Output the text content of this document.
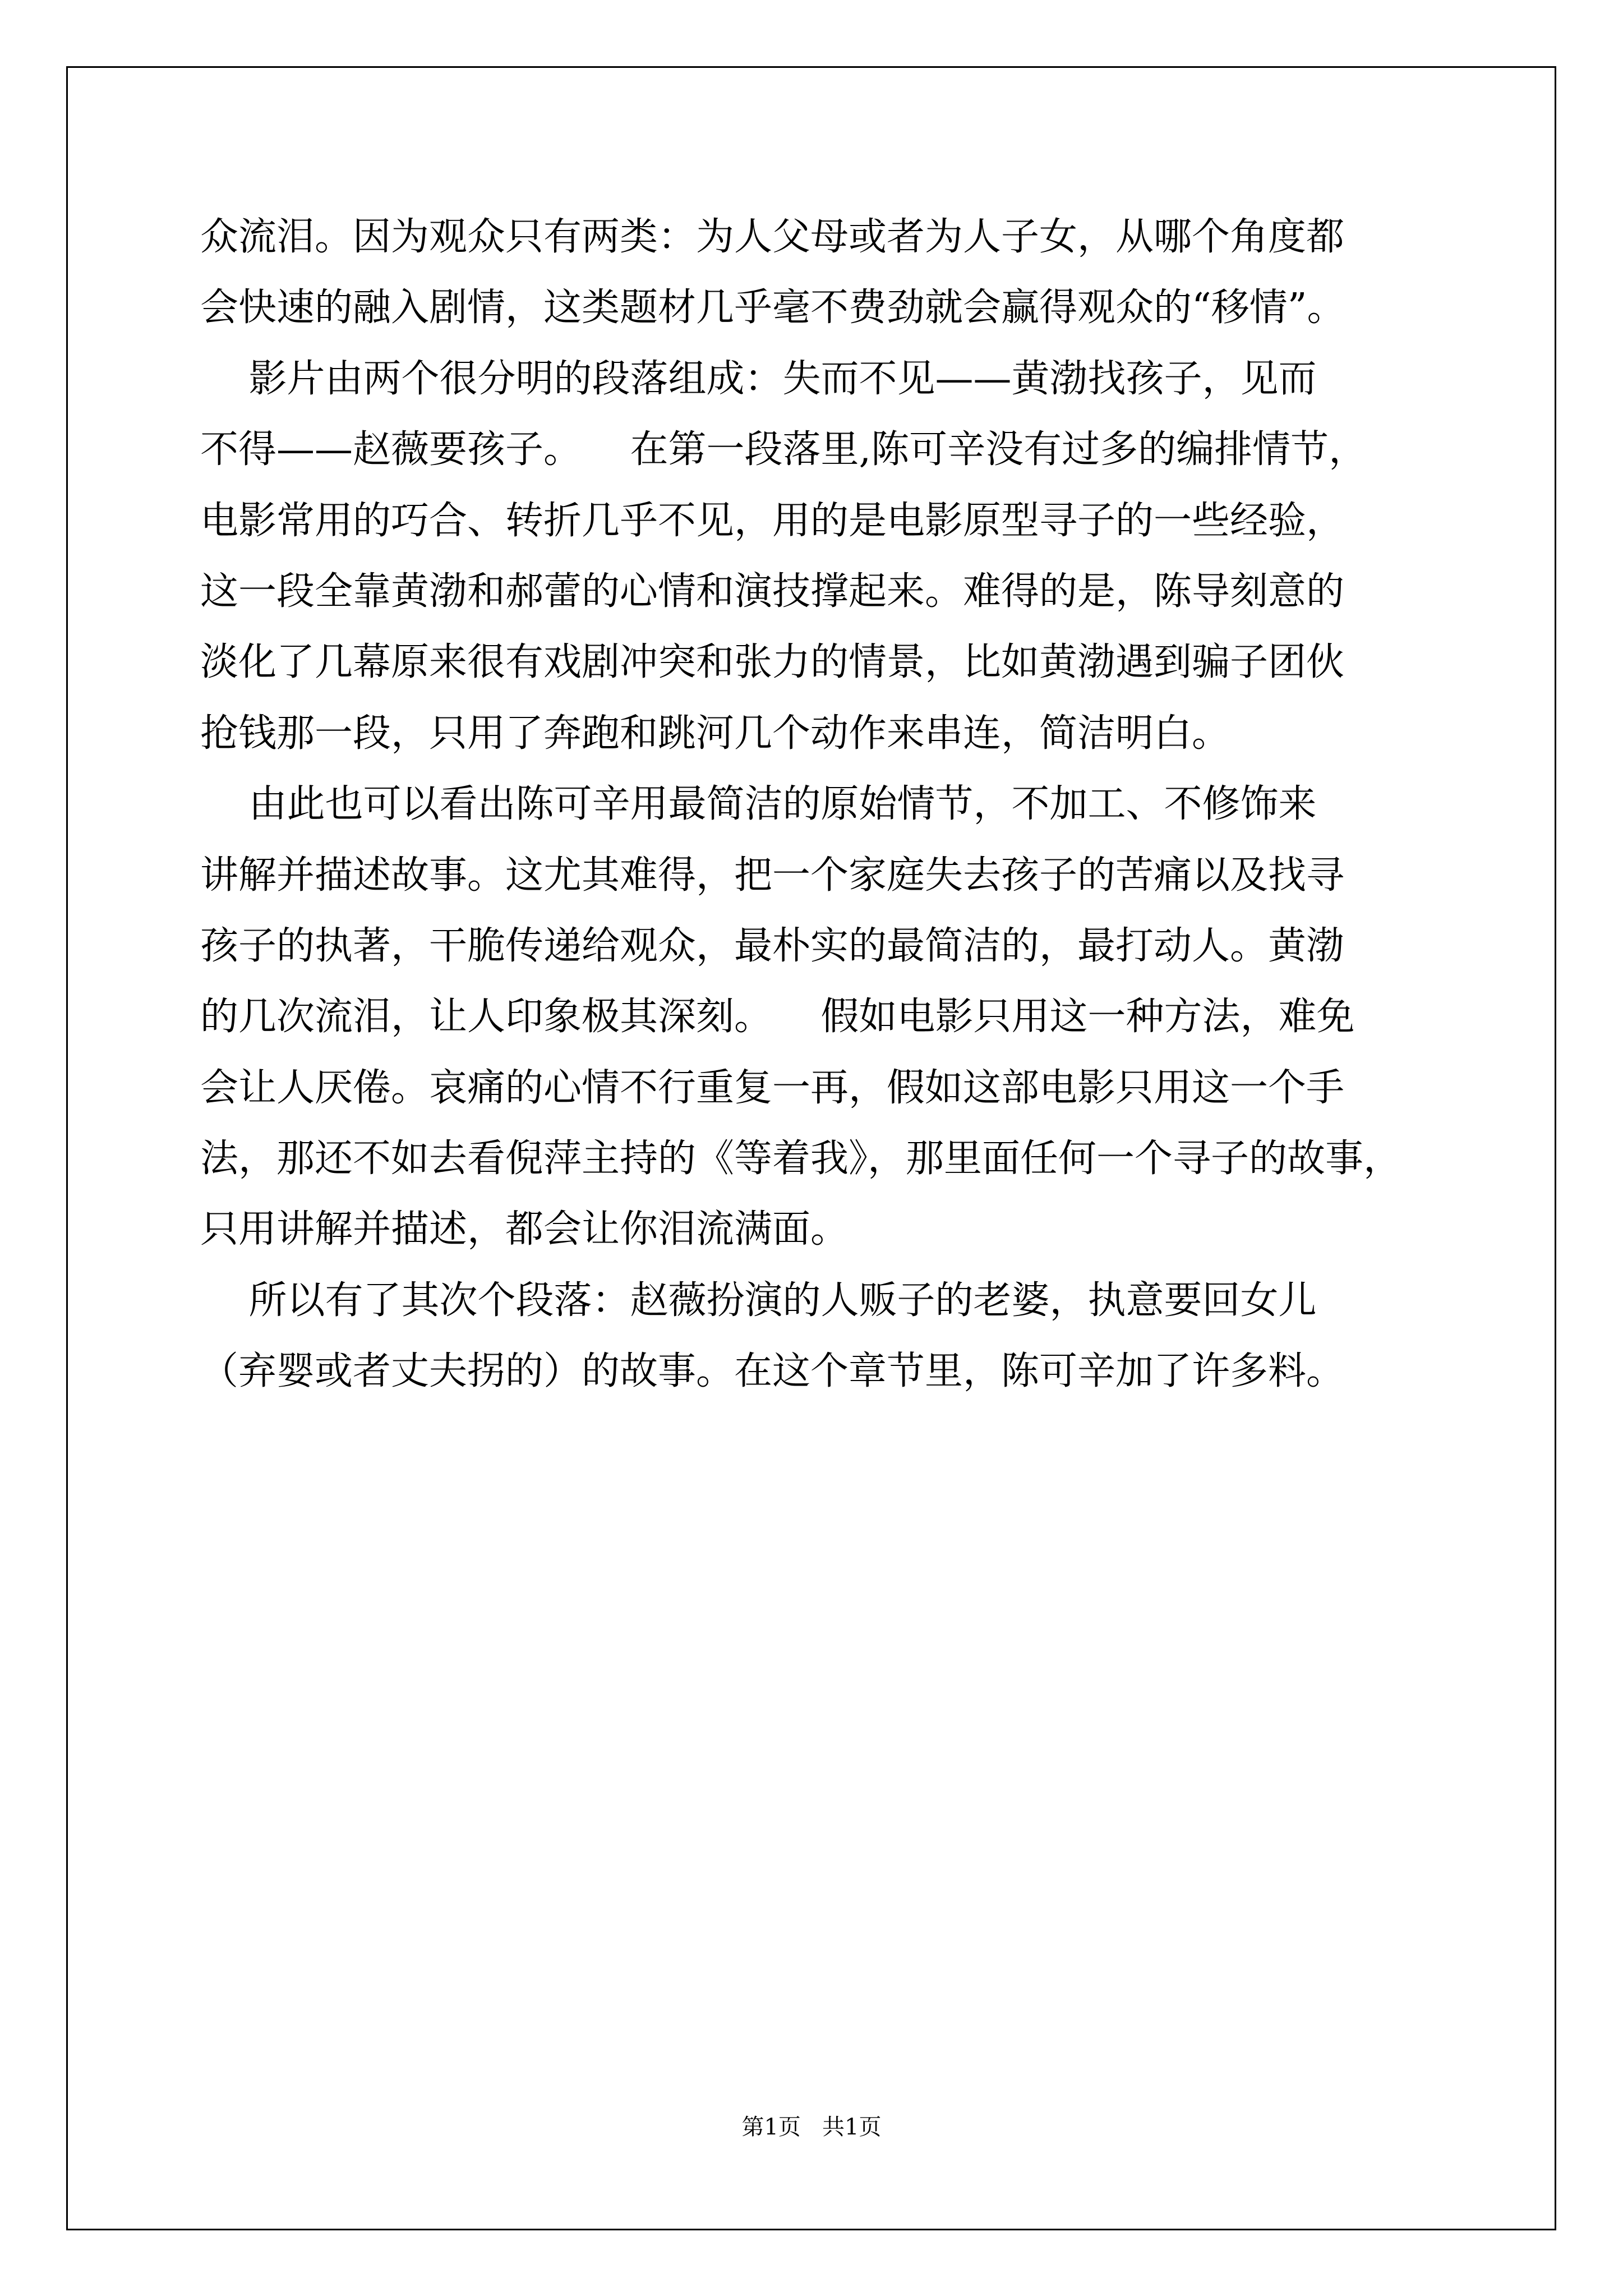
众流泪。因为观众只有两类：为人父母或者为人子女，从哪个角度都
会快速的融入剧情，这类题材几乎毫不费劲就会赢得观众的“移情”。
影片由两个很分明的段落组成：失而不见——黄渤找孩子，见而
不得——赵薇要孩子。    在第一段落里,陈可辛没有过多的编排情节，
电影常用的巧合、转折几乎不见，用的是电影原型寻子的一些经验，
这一段全靠黄渤和郝蕾的心情和演技撑起来。难得的是，陈导刻意的
淡化了几幕原来很有戏剧冲突和张力的情景，比如黄渤遇到骗子团伙
抢钱那一段，只用了奔跑和跳河几个动作来串连，简洁明白。
由此也可以看出陈可辛用最简洁的原始情节，不加工、不修饰来
讲解并描述故事。这尤其难得，把一个家庭失去孩子的苦痛以及找寻
孩子的执著，干脆传递给观众，最朴实的最简洁的，最打动人。黄渤
的几次流泪，让人印象极其深刻。    假如电影只用这一种方法，难免
会让人厌倦。哀痛的心情不行重复一再，假如这部电影只用这一个手
法，那还不如去看倪萍主持的《等着我》，那里面任何一个寻子的故事，
只用讲解并描述，都会让你泪流满面。
所以有了其次个段落：赵薇扮演的人贩子的老婆，执意要回女儿
（弃婴或者丈夫拐的）的故事。在这个章节里，陈可辛加了许多料。
第1页   共1页
